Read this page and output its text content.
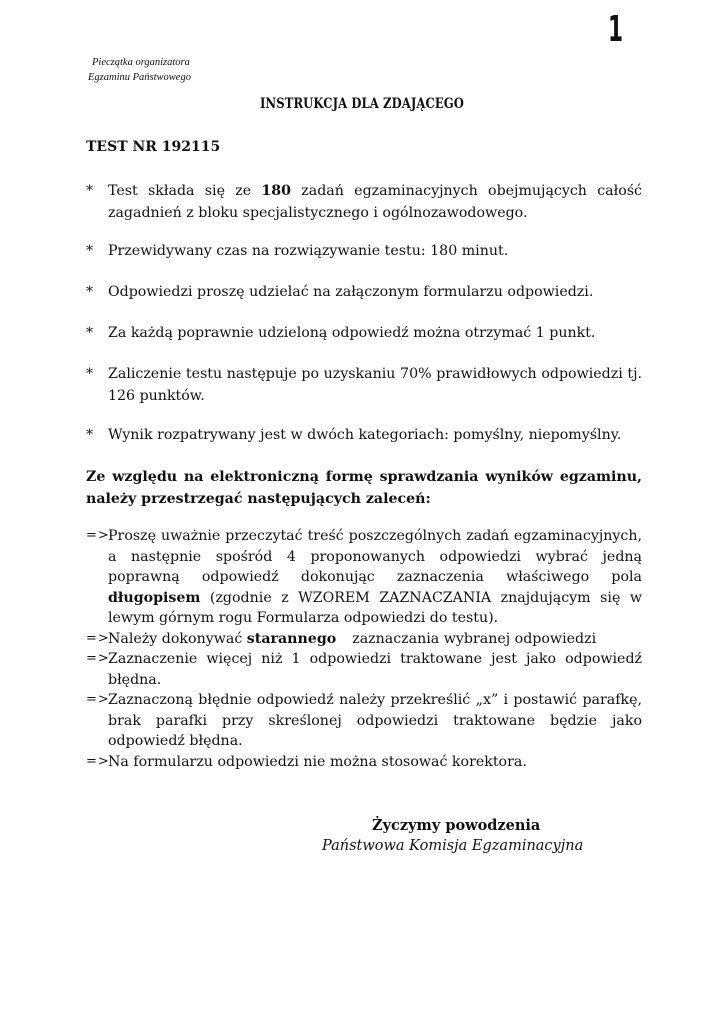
1
Pieczątka organizatora
Egzaminu Państwowego
INSTRUKCJA DLA ZDAJĄCEGO
TEST NR 192115
* Test składa się ze 180 zadań egzaminacyjnych obejmujących całość zagadnień z bloku specjalistycznego i ogólnozawodowego.
* Przewidywany czas na rozwiązywanie testu: 180 minut.
* Odpowiedzi proszę udzielać na załączonym formularzu odpowiedzi.
* Za każdą poprawnie udzieloną odpowiedź można otrzymać 1 punkt.
* Zaliczenie testu następuje po uzyskaniu 70% prawidłowych odpowiedzi tj. 126 punktów.
* Wynik rozpatrywany jest w dwóch kategoriach: pomyślny, niepomyślny.
Ze względu na elektroniczną formę sprawdzania wyników egzaminu, należy przestrzegać następujących zaleceń:
=>
Proszę uważnie przeczytać treść poszczególnych zadań egzaminacyjnych, a następnie spośród 4 proponowanych odpowiedzi wybrać jedną poprawną odpowiedź dokonując zaznaczenia właściwego pola długopisem (zgodnie z WZOREM ZAZNACZANIA znajdującym się w lewym górnym rogu Formularza odpowiedzi do testu).
=>
Należy dokonywać starannego zaznaczania wybranej odpowiedzi
=>
Zaznaczenie więcej niż 1 odpowiedzi traktowane jest jako odpowiedź błędna.
=>
Zaznaczoną błędnie odpowiedź należy przekreślić „x” i postawić parafkę, brak parafki przy skreślonej odpowiedzi traktowane będzie jako odpowiedź błędna.
=>
Na formularzu odpowiedzi nie można stosować korektora.
Życzymy powodzenia
Państwowa Komisja Egzaminacyjna
